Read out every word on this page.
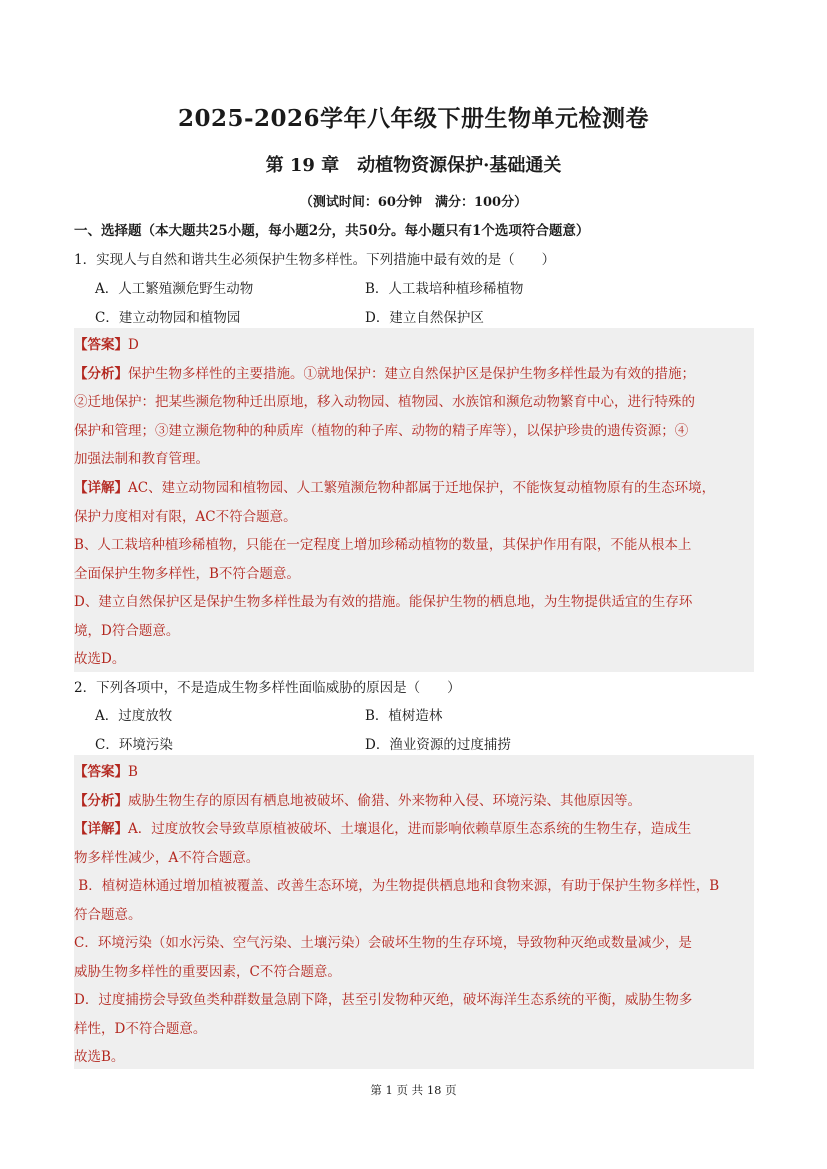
2025-2026学年八年级下册生物单元检测卷
第 19 章　动植物资源保护·基础通关
（测试时间：60分钟　满分：100分）
一、选择题（本大题共25小题，每小题2分，共50分。每小题只有1个选项符合题意）
1．实现人与自然和谐共生必须保护生物多样性。下列措施中最有效的是（　　）
A．人工繁殖濒危野生动物	B．人工栽培种植珍稀植物
C．建立动物园和植物园	D．建立自然保护区
【答案】D
【分析】保护生物多样性的主要措施。①就地保护：建立自然保护区是保护生物多样性最为有效的措施；
②迁地保护：把某些濒危物种迁出原地，移入动物园、植物园、水族馆和濒危动物繁育中心，进行特殊的
保护和管理；③建立濒危物种的种质库（植物的种子库、动物的精子库等），以保护珍贵的遗传资源；④
加强法制和教育管理。
【详解】AC、建立动物园和植物园、人工繁殖濒危物种都属于迁地保护，不能恢复动植物原有的生态环境，
保护力度相对有限，AC不符合题意。
B、人工栽培种植珍稀植物，只能在一定程度上增加珍稀动植物的数量，其保护作用有限，不能从根本上
全面保护生物多样性，B不符合题意。
D、建立自然保护区是保护生物多样性最为有效的措施。能保护生物的栖息地，为生物提供适宜的生存环
境，D符合题意。
故选D。
2．下列各项中，不是造成生物多样性面临威胁的原因是（　　）
A．过度放牧	B．植树造林
C．环境污染	D．渔业资源的过度捕捞
【答案】B
【分析】威胁生物生存的原因有栖息地被破坏、偷猎、外来物种入侵、环境污染、其他原因等。
【详解】A．过度放牧会导致草原植被破坏、土壤退化，进而影响依赖草原生态系统的生物生存，造成生
物多样性减少，A不符合题意。
B．植树造林通过增加植被覆盖、改善生态环境，为生物提供栖息地和食物来源，有助于保护生物多样性，B
符合题意。
C．环境污染（如水污染、空气污染、土壤污染）会破坏生物的生存环境，导致物种灭绝或数量减少，是
威胁生物多样性的重要因素，C不符合题意。
D．过度捕捞会导致鱼类种群数量急剧下降，甚至引发物种灭绝，破坏海洋生态系统的平衡，威胁生物多
样性，D不符合题意。
故选B。
第 1 页 共 18 页
